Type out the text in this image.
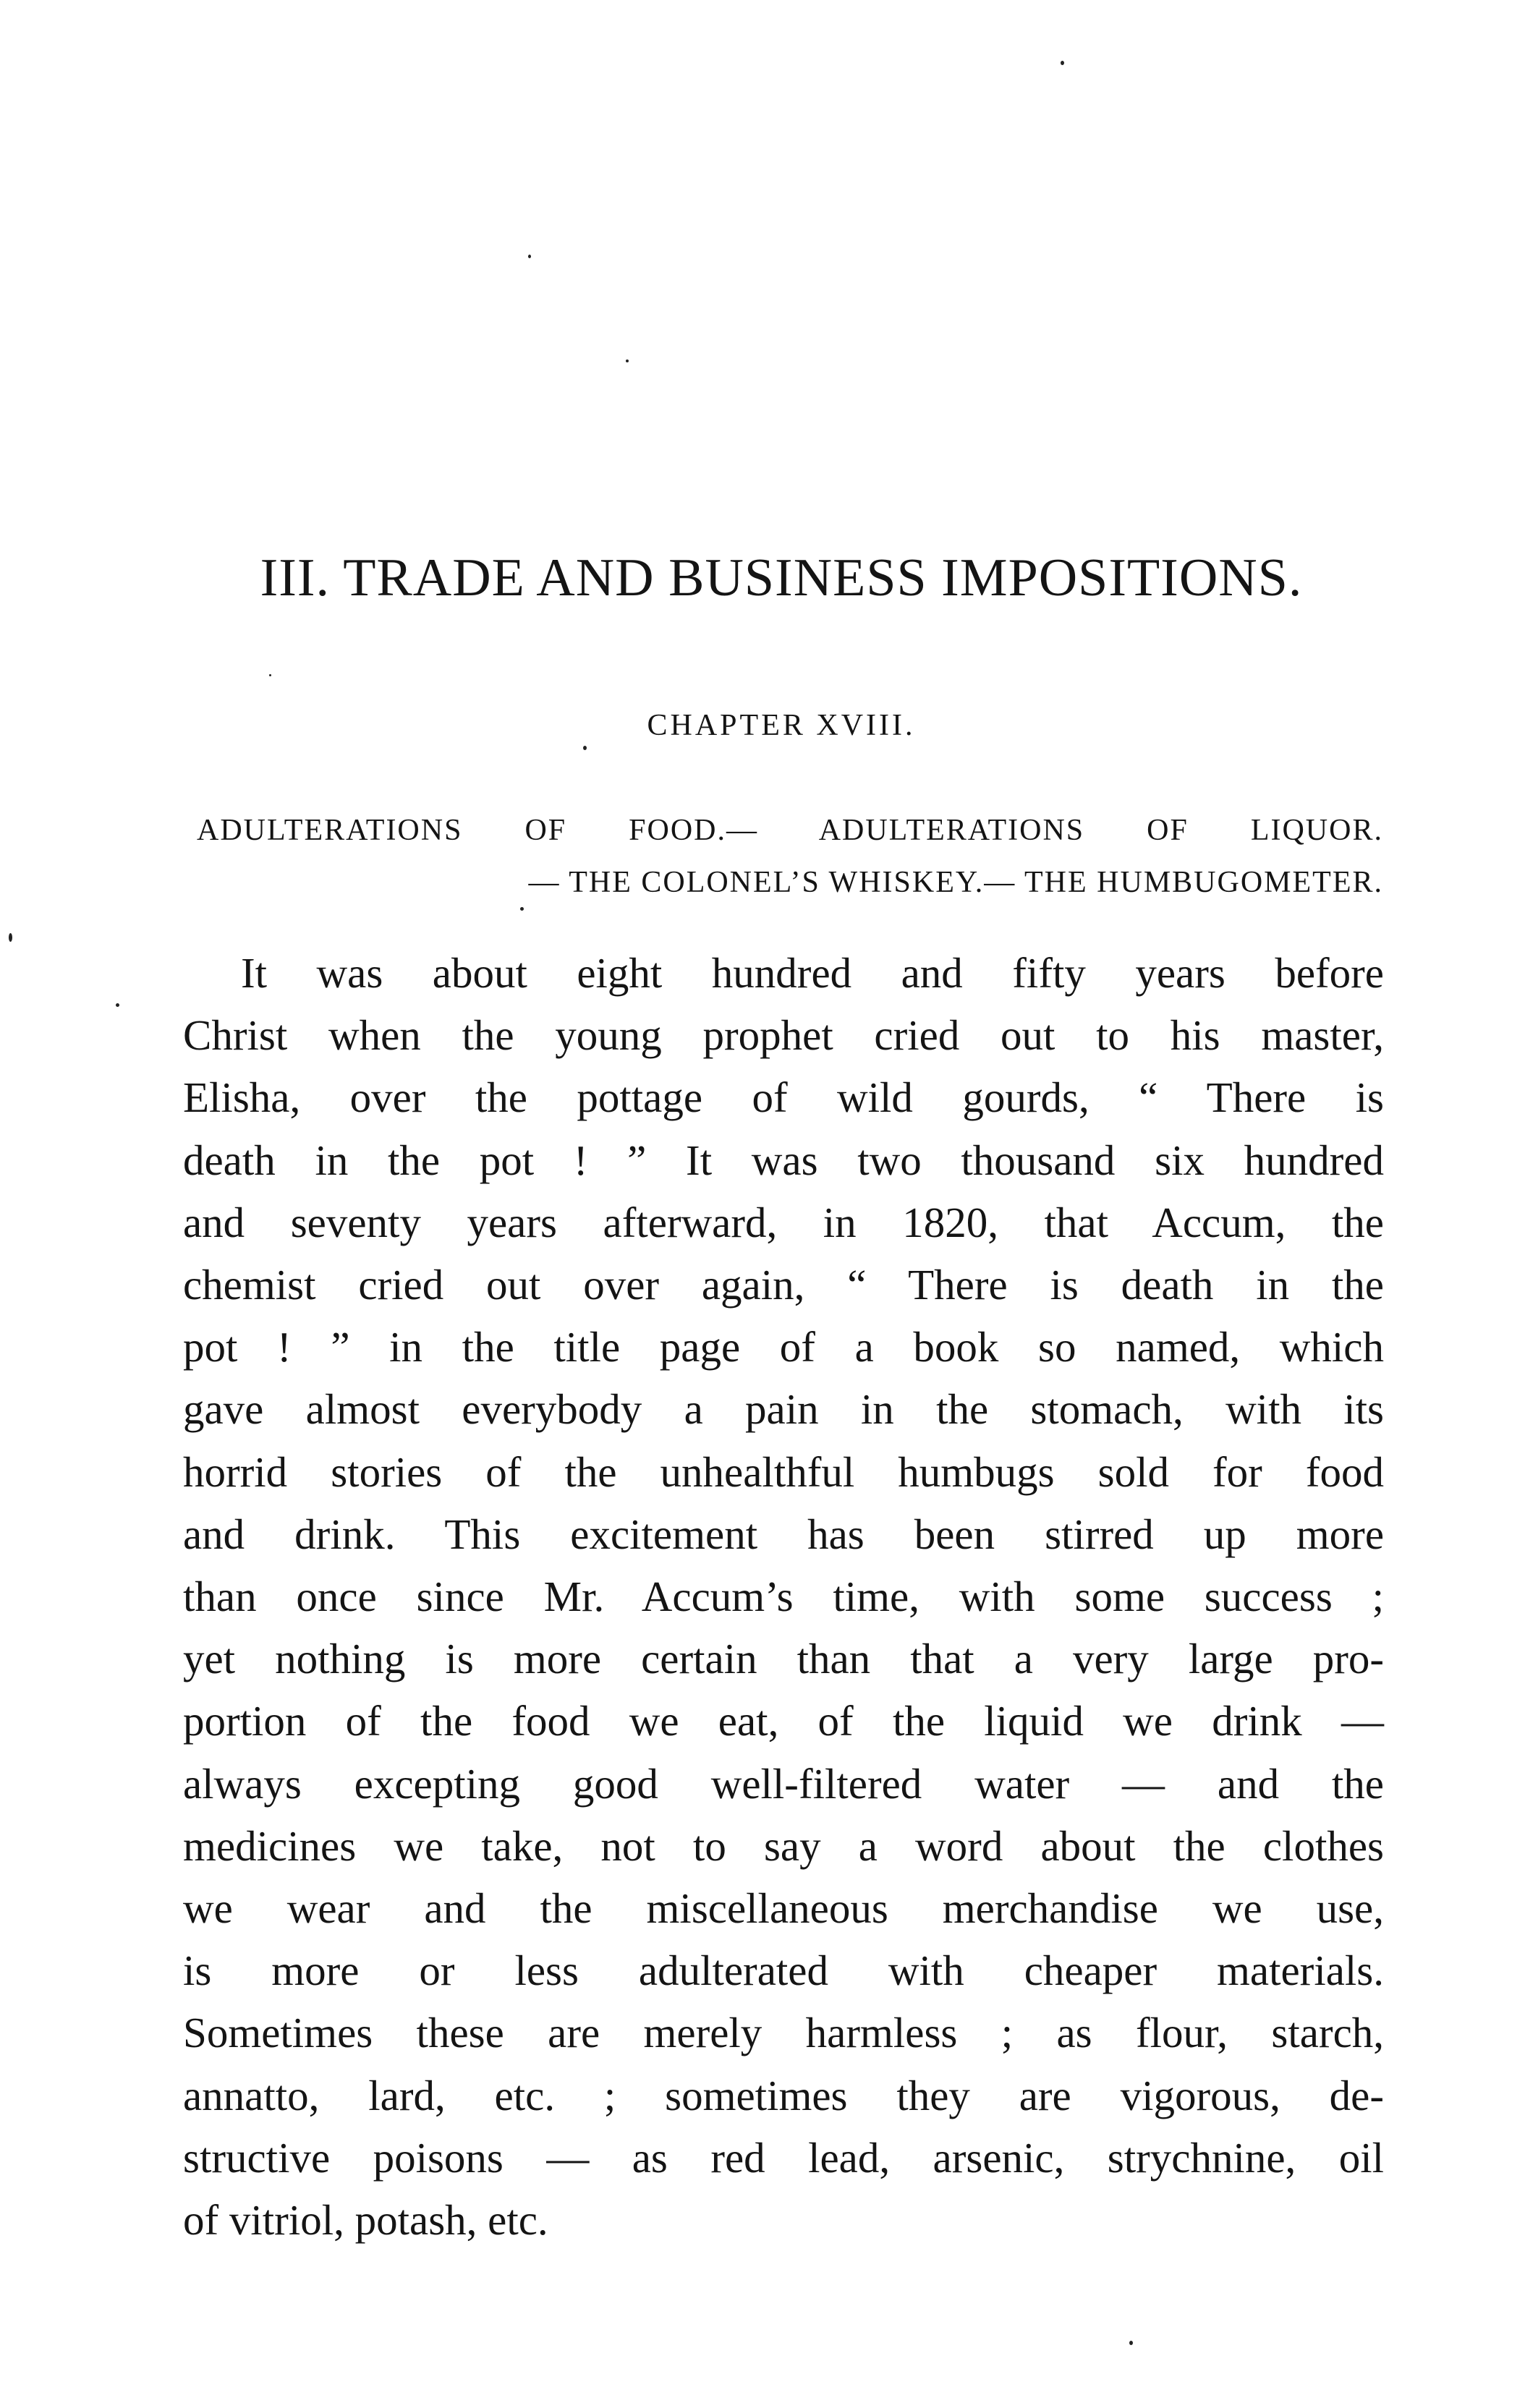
III. TRADE AND BUSINESS IMPOSITIONS.
CHAPTER XVIII.
ADULTERATIONS OF FOOD.— ADULTERATIONS OF LIQUOR.
— THE COLONEL’S WHISKEY.— THE HUMBUGOMETER.
It was about eight hundred and fifty years before
Christ when the young prophet cried out to his master,
Elisha, over the pottage of wild gourds, “ There is
death in the pot ! ” It was two thousand six hundred
and seventy years afterward, in 1820, that Accum, the
chemist cried out over again, “ There is death in the
pot ! ” in the title page of a book so named, which
gave almost everybody a pain in the stomach, with its
horrid stories of the unhealthful humbugs sold for food
and drink. This excitement has been stirred up more
than once since Mr. Accum’s time, with some success ;
yet nothing is more certain than that a very large pro-
portion of the food we eat, of the liquid we drink —
always excepting good well-filtered water — and the
medicines we take, not to say a word about the clothes
we wear and the miscellaneous merchandise we use,
is more or less adulterated with cheaper materials.
Sometimes these are merely harmless ; as flour, starch,
annatto, lard, etc. ; sometimes they are vigorous, de-
structive poisons — as red lead, arsenic, strychnine, oil
of vitriol, potash, etc.
